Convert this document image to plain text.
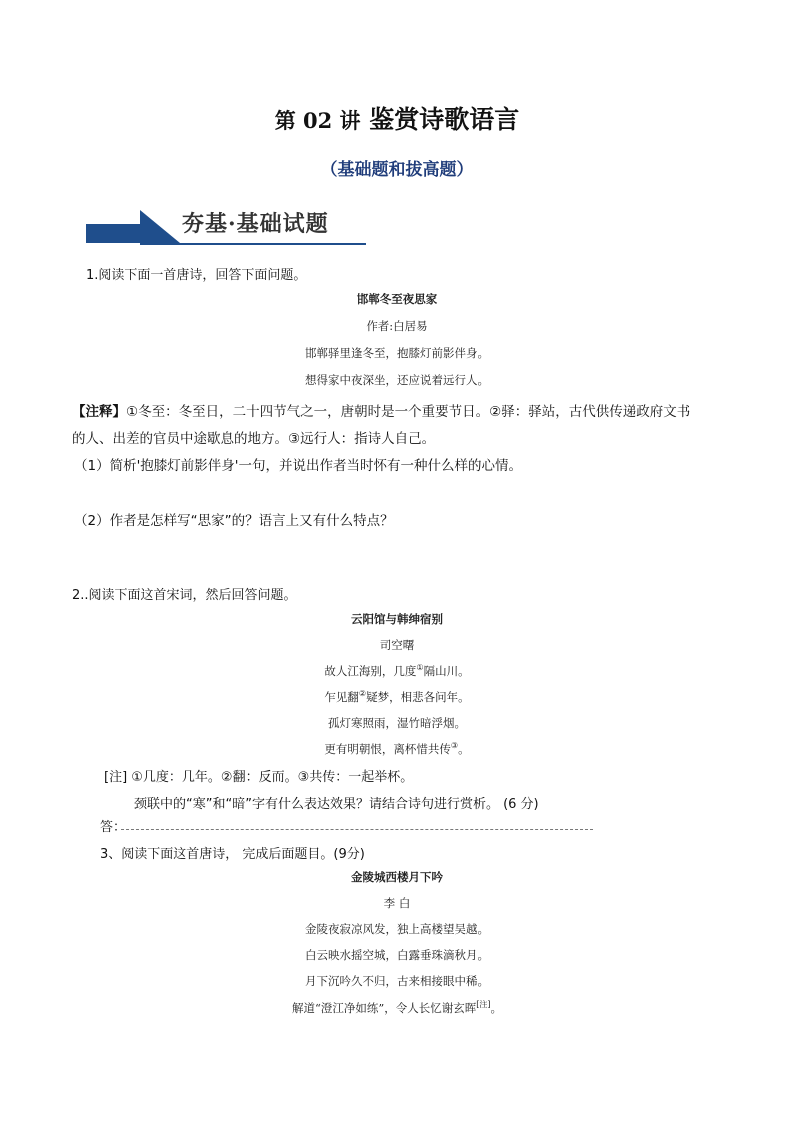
第 02 讲 鉴赏诗歌语言
（基础题和拔高题）
夯基·基础试题
1.阅读下面一首唐诗，回答下面问题。
邯郸冬至夜思家
作者:白居易
邯郸驿里逢冬至，抱膝灯前影伴身。
想得家中夜深坐，还应说着远行人。
【注释】①冬至：冬至日，二十四节气之一，唐朝时是一个重要节日。②驿：驿站，古代供传递政府文书
的人、出差的官员中途歇息的地方。③远行人：指诗人自己。
（1）简析'抱膝灯前影伴身'一句，并说出作者当时怀有一种什么样的心情。
（2）作者是怎样写“思家”的？语言上又有什么特点？
2..阅读下面这首宋词，然后回答问题。
云阳馆与韩绅宿别
司空曙
故人江海别，几度①隔山川。
乍见翻②疑梦，相悲各问年。
孤灯寒照雨，湿竹暗浮烟。
更有明朝恨，离杯惜共传③。
[注] ①几度：几年。②翻：反而。③共传：一起举杯。
颈联中的“寒”和“暗”字有什么表达效果？请结合诗句进行赏析。 (6 分)
答：
3、阅读下面这首唐诗， 完成后面题目。(9分)
金陵城西楼月下吟
李 白
金陵夜寂凉风发，独上高楼望吴越。
白云映水摇空城，白露垂珠滴秋月。
月下沉吟久不归，古来相接眼中稀。
解道“澄江净如练”，令人长忆谢玄晖[注]。
